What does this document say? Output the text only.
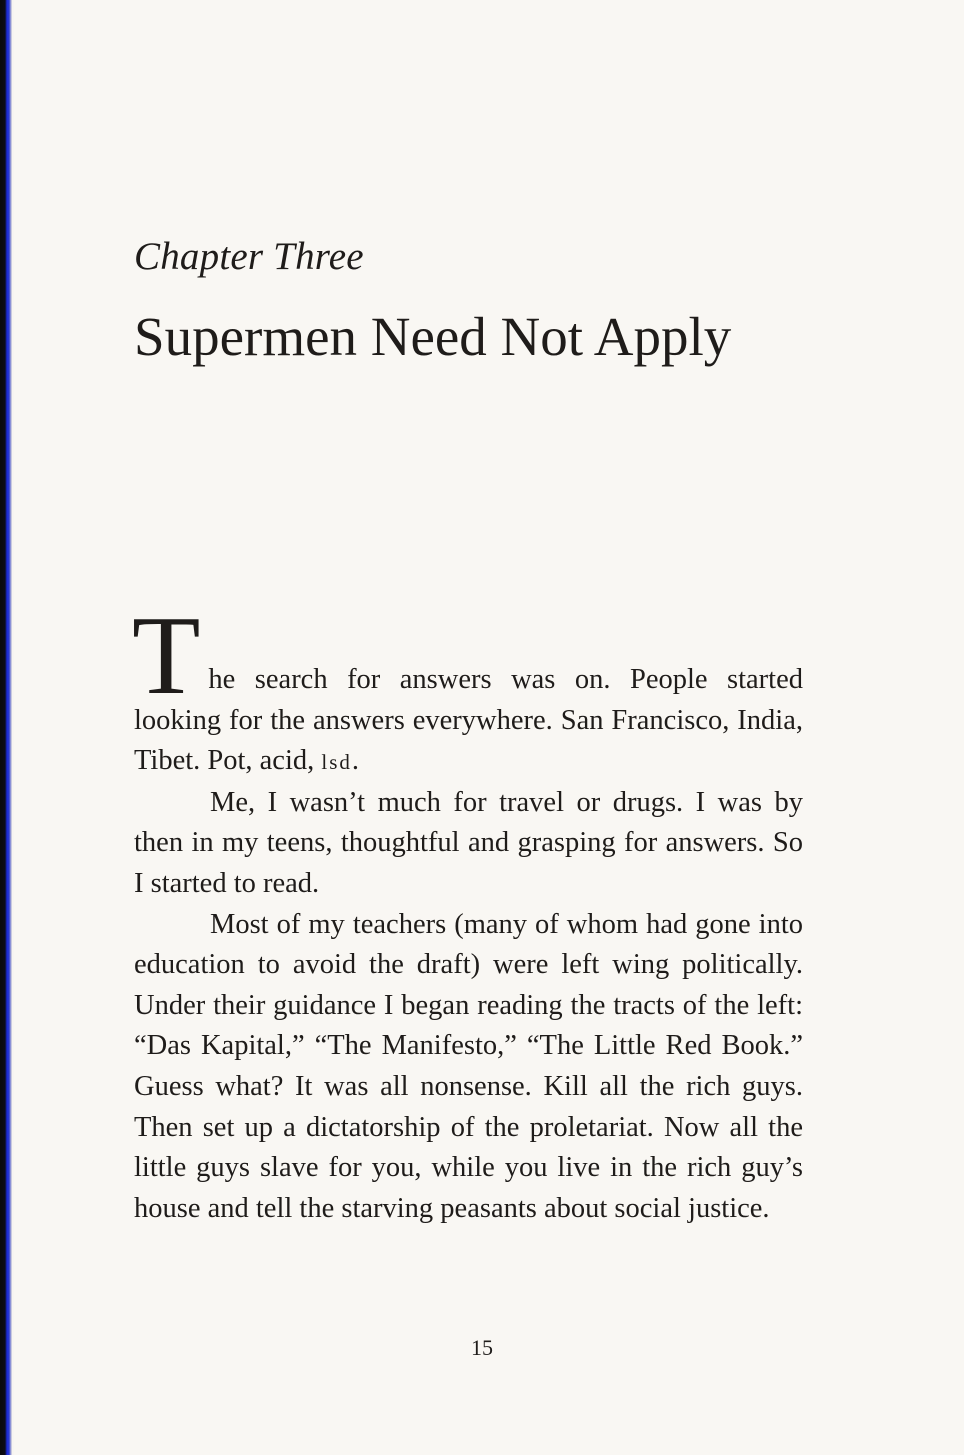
Chapter Three
Supermen Need Not Apply

T he search for answers was on. People started looking for the answers everywhere. San Francisco, India, Tibet. Pot, acid, lsd.

Me, I wasn’t much for travel or drugs. I was by then in my teens, thoughtful and grasping for answers. So I started to read.

Most of my teachers (many of whom had gone into education to avoid the draft) were left wing politically. Under their guidance I began reading the tracts of the left: “Das Kapital,” “The Manifesto,” “The Little Red Book.” Guess what? It was all nonsense. Kill all the rich guys. Then set up a dictatorship of the proletariat. Now all the little guys slave for you, while you live in the rich guy’s house and tell the starving peasants about social justice.

15
